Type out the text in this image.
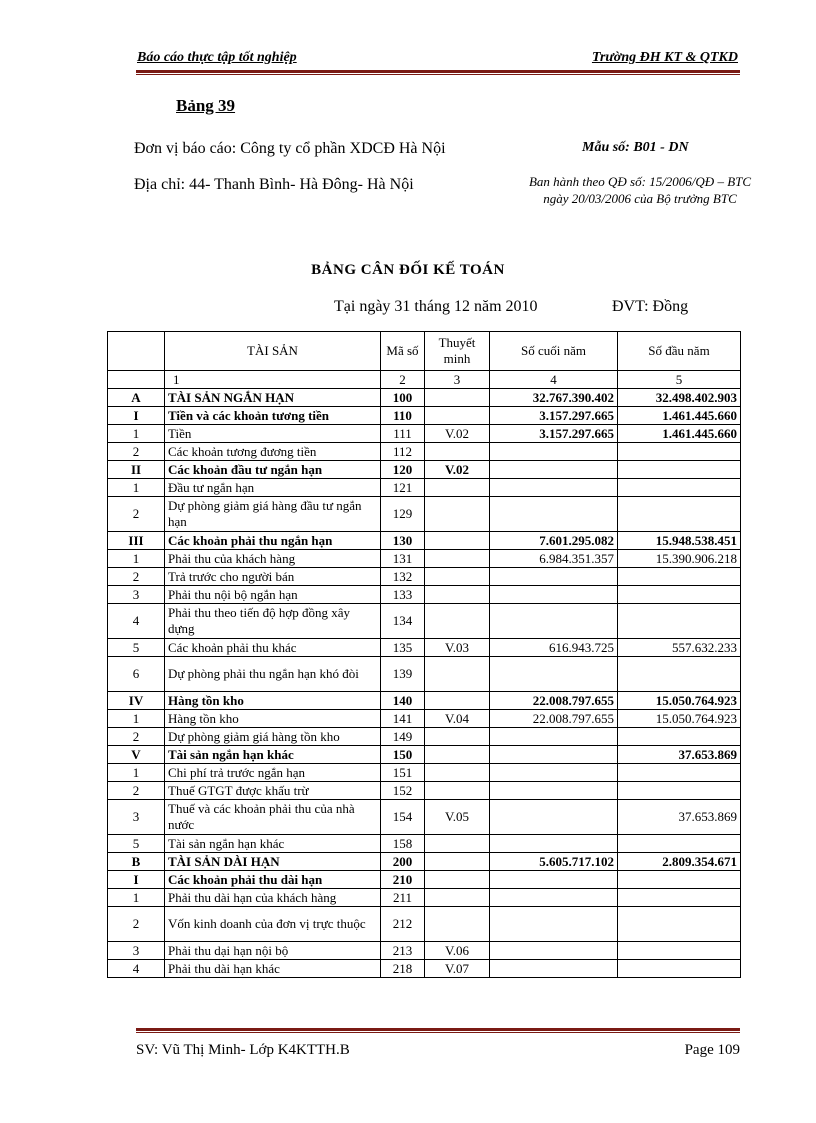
Báo cáo thực tập tốt nghiệp	Trường ĐH KT & QTKD
Bảng 39
Đơn vị báo cáo: Công ty cổ phần XDCĐ Hà Nội
Địa chỉ: 44- Thanh Bình- Hà Đông- Hà Nội
Mẫu số: B01 - DN
Ban hành theo QĐ số: 15/2006/QĐ – BTC
ngày 20/03/2006 của Bộ trưởng BTC
BẢNG CÂN ĐỐI KẾ TOÁN
Tại ngày 31 tháng 12 năm 2010	ĐVT: Đồng
	TÀI SẢN	Mã số	Thuyết minh	Số cuối năm	Số đầu năm
	1	2	3	4	5
A	TÀI SẢN NGẮN HẠN	100		32.767.390.402	32.498.402.903
I	Tiền và các khoản tương tiền	110		3.157.297.665	1.461.445.660
1	Tiền	111	V.02	3.157.297.665	1.461.445.660
2	Các khoản tương đương tiền	112			
II	Các khoản đầu tư ngắn hạn	120	V.02		
1	Đầu tư ngắn hạn	121			
2	Dự phòng giảm giá hàng đầu tư ngắn hạn	129			
III	Các khoản phải thu ngắn hạn	130		7.601.295.082	15.948.538.451
1	Phải thu của khách hàng	131		6.984.351.357	15.390.906.218
2	Trả trước cho người bán	132			
3	Phải thu nội bộ ngắn hạn	133			
4	Phải thu theo tiến độ hợp đồng xây dựng	134			
5	Các khoản phải thu khác	135	V.03	616.943.725	557.632.233
6	Dự phòng phải thu ngắn hạn khó đòi	139			
IV	Hàng tồn kho	140		22.008.797.655	15.050.764.923
1	Hàng tồn kho	141	V.04	22.008.797.655	15.050.764.923
2	Dự phòng giảm giá hàng tồn kho	149			
V	Tài sản ngắn hạn khác	150			37.653.869
1	Chi phí trả trước ngắn hạn	151			
2	Thuế GTGT được khấu trừ	152			
3	Thuế và các khoản phải thu của nhà nước	154	V.05		37.653.869
5	Tài sản ngắn hạn khác	158			
B	TÀI SẢN DÀI HẠN	200		5.605.717.102	2.809.354.671
I	Các khoản phải thu dài hạn	210			
1	Phải thu dài hạn của khách hàng	211			
2	Vốn kinh doanh của đơn vị trực thuộc	212			
3	Phải thu dại hạn nội bộ	213	V.06		
4	Phải thu dài hạn khác	218	V.07		
SV: Vũ Thị Minh- Lớp K4KTTH.B	Page 109
